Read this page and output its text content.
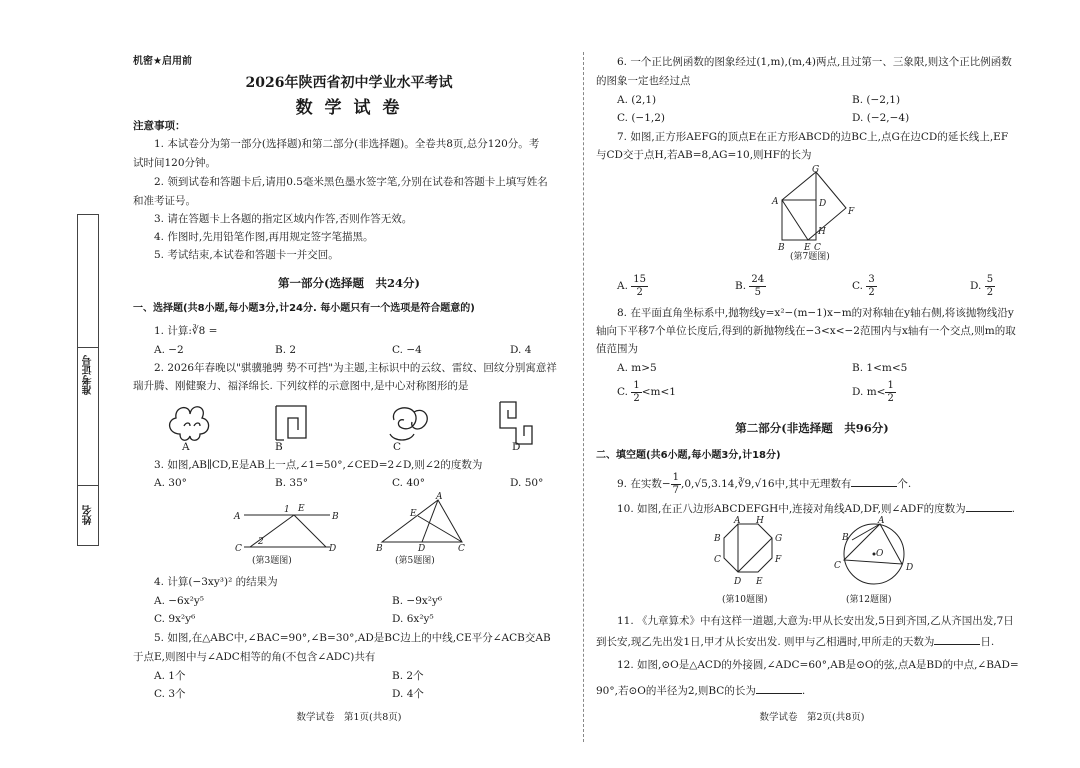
准考证号
姓名
机密★启用前
2026年陕西省初中学业水平考试
数 学 试 卷
注意事项：
1. 本试卷分为第一部分(选择题)和第二部分(非选择题)。全卷共8页,总分120分。考
试时间120分钟。
2. 领到试卷和答题卡后,请用0.5毫米黑色墨水签字笔,分别在试卷和答题卡上填写姓名
和准考证号。
3. 请在答题卡上各题的指定区域内作答,否则作答无效。
4. 作图时,先用铅笔作图,再用规定签字笔描黑。
5. 考试结束,本试卷和答题卡一并交回。
第一部分(选择题　共24分)
一、选择题(共8小题,每小题3分,计24分. 每小题只有一个选项是符合题意的)
1. 计算:∛8 =
A. −2	B. 2	C. −4	D. 4
2. 2026年春晚以"骐骥驰骋 势不可挡"为主题,主标识中的云纹、雷纹、回纹分别寓意祥
瑞升腾、刚健聚力、福泽绵长. 下列纹样的示意图中,是中心对称图形的是
A	B	C	D
3. 如图,AB∥CD,E是AB上一点,∠1=50°,∠CED=2∠D,则∠2的度数为
A. 30°	B. 35°	C. 40°	D. 50°
A	B
C	D
E
1
2
(第3题图)
A
B	C
D
E
(第5题图)
4. 计算(−3xy³)² 的结果为
A. −6x²y⁵	B. −9x²y⁶
C. 9x²y⁶	D. 6x²y⁵
5. 如图,在△ABC中,∠BAC=90°,∠B=30°,AD是BC边上的中线,CE平分∠ACB交AB
于点E,则图中与∠ADC相等的角(不包含∠ADC)共有
A. 1个	B. 2个
C. 3个	D. 4个
数学试卷　第1页(共8页)
6. 一个正比例函数的图象经过(1,m),(m,4)两点,且过第一、三象限,则这个正比例函数
的图象一定也经过点
A. (2,1)	B. (−2,1)
C. (−1,2)	D. (−2,−4)
7. 如图,正方形AEFG的顶点E在正方形ABCD的边BC上,点G在边CD的延长线上,EF
与CD交于点H,若AB=8,AG=10,则HF的长为
G
A	D
F
H
B E C
(第7题图)
A. $\frac{15}{2}$	B. $\frac{24}{5}$	C. $\frac{3}{2}$	D. $\frac{5}{2}$
8. 在平面直角坐标系中,抛物线y=x²−(m−1)x−m的对称轴在y轴右侧,将该抛物线沿y
轴向下平移7个单位长度后,得到的新抛物线在−3<x<−2范围内与x轴有一个交点,则m的取
值范围为
A. m>5	B. 1<m<5
C. $\frac{1}{2} <m<1$	D. $m< \frac{1}{2}$
第二部分(非选择题　共96分)
二、填空题(共6小题,每小题3分,计18分)
9. 在实数− $\frac{1}{7}$ ,0,√5,3.14,∛9,√16中,其中无理数有	个.
10. 如图,在正八边形ABCDEFGH中,连接对角线AD,DF,则∠ADF的度数为	.
A H
B	G
C	F
D E
(第10题图)
A
B
O
C	D
(第12题图)
11. 《九章算术》中有这样一道题,大意为:甲从长安出发,5日到齐国,乙从齐国出发,7日
到长安,现乙先出发1日,甲才从长安出发. 则甲与乙相遇时,甲所走的天数为	日.
12. 如图,⊙O是△ACD的外接圆,∠ADC=60°,AB是⊙O的弦,点A是BD的中点,∠BAD=
90°,若⊙O的半径为2,则BC的长为	.
数学试卷　第2页(共8页)
